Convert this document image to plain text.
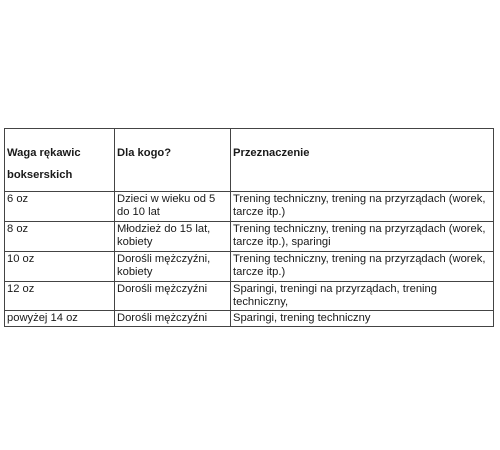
Waga rękawic bokserskich	Dla kogo?	Przeznaczenie
6 oz	Dzieci w wieku od 5 do 10 lat	Trening techniczny, trening na przyrządach (worek, tarcze itp.)
8 oz	Młodzież do 15 lat, kobiety	Trening techniczny, trening na przyrządach (worek, tarcze itp.), sparingi
10 oz	Dorośli mężczyźni, kobiety	Trening techniczny, trening na przyrządach (worek, tarcze itp.)
12 oz	Dorośli mężczyźni	Sparingi, treningi na przyrządach, trening techniczny,
powyżej 14 oz	Dorośli mężczyźni	Sparingi, trening techniczny
